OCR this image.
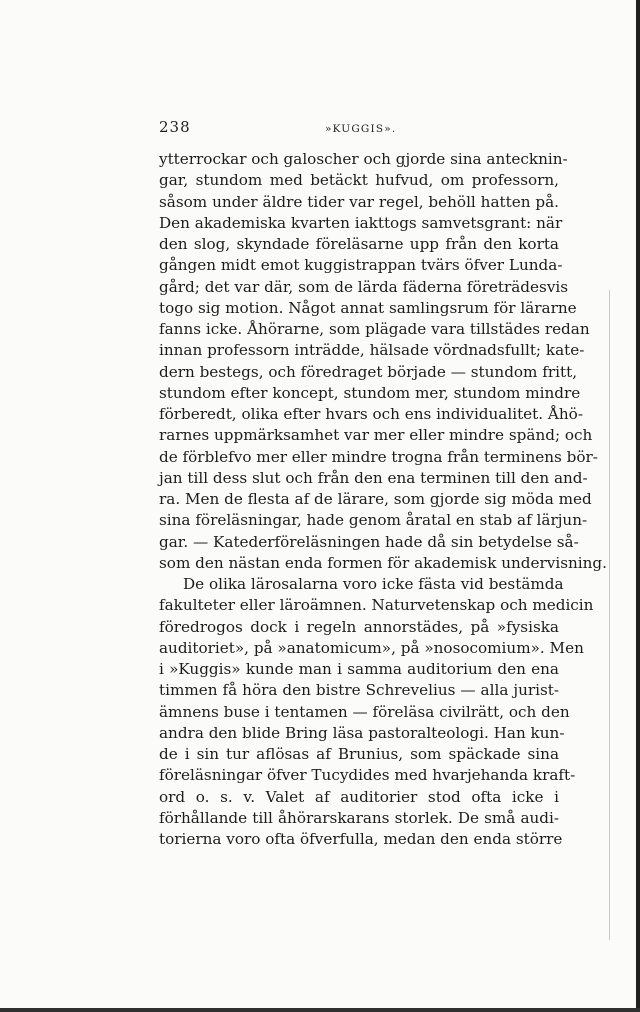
238	»KUGGIS».
ytterrockar och galoscher och gjorde sina antecknin-
gar, stundom med betäckt hufvud, om professorn,
såsom under äldre tider var regel, behöll hatten på.
Den akademiska kvarten iakttogs samvetsgrant: när
den slog, skyndade föreläsarne upp från den korta
gången midt emot kuggistrappan tvärs öfver Lunda-
gård; det var där, som de lärda fäderna företrädesvis
togo sig motion. Något annat samlingsrum för lärarne
fanns icke. Åhörarne, som plägade vara tillstädes redan
innan professorn inträdde, hälsade vördnadsfullt; kate-
dern bestegs, och föredraget började — stundom fritt,
stundom efter koncept, stundom mer, stundom mindre
förberedt, olika efter hvars och ens individualitet. Åhö-
rarnes uppmärksamhet var mer eller mindre spänd; och
de förblefvo mer eller mindre trogna från terminens bör-
jan till dess slut och från den ena terminen till den and-
ra. Men de flesta af de lärare, som gjorde sig möda med
sina föreläsningar, hade genom åratal en stab af lärjun-
gar. — Katederföreläsningen hade då sin betydelse så-
som den nästan enda formen för akademisk undervisning.
De olika lärosalarna voro icke fästa vid bestämda
fakulteter eller läroämnen. Naturvetenskap och medicin
föredrogos dock i regeln annorstädes, på »fysiska
auditoriet», på »anatomicum», på »nosocomium». Men
i »Kuggis» kunde man i samma auditorium den ena
timmen få höra den bistre Schrevelius — alla jurist-
ämnens buse i tentamen — föreläsa civilrätt, och den
andra den blide Bring läsa pastoralteologi. Han kun-
de i sin tur aflösas af Brunius, som späckade sina
föreläsningar öfver Tucydides med hvarjehanda kraft-
ord o. s. v. Valet af auditorier stod ofta icke i
förhållande till åhörarskarans storlek. De små audi-
torierna voro ofta öfverfulla, medan den enda större
